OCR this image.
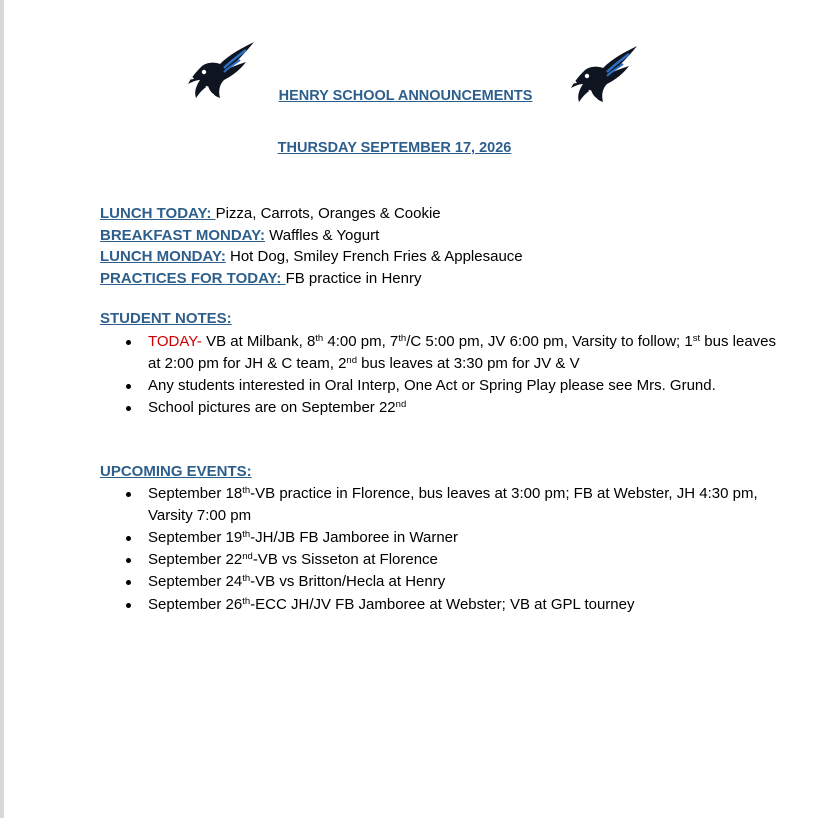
HENRY SCHOOL ANNOUNCEMENTS
THURSDAY SEPTEMBER 17, 2026
LUNCH TODAY: Pizza, Carrots, Oranges & Cookie
BREAKFAST MONDAY: Waffles & Yogurt
LUNCH MONDAY: Hot Dog, Smiley French Fries & Applesauce
PRACTICES FOR TODAY: FB practice in Henry
STUDENT NOTES:
TODAY- VB at Milbank, 8th 4:00 pm, 7th/C 5:00 pm, JV 6:00 pm, Varsity to follow; 1st bus leaves at 2:00 pm for JH & C team, 2nd bus leaves at 3:30 pm for JV & V
Any students interested in Oral Interp, One Act or Spring Play please see Mrs. Grund.
School pictures are on September 22nd
UPCOMING EVENTS:
September 18th-VB practice in Florence, bus leaves at 3:00 pm; FB at Webster, JH 4:30 pm, Varsity 7:00 pm
September 19th-JH/JB FB Jamboree in Warner
September 22nd-VB vs Sisseton at Florence
September 24th-VB vs Britton/Hecla at Henry
September 26th-ECC JH/JV FB Jamboree at Webster; VB at GPL tourney
